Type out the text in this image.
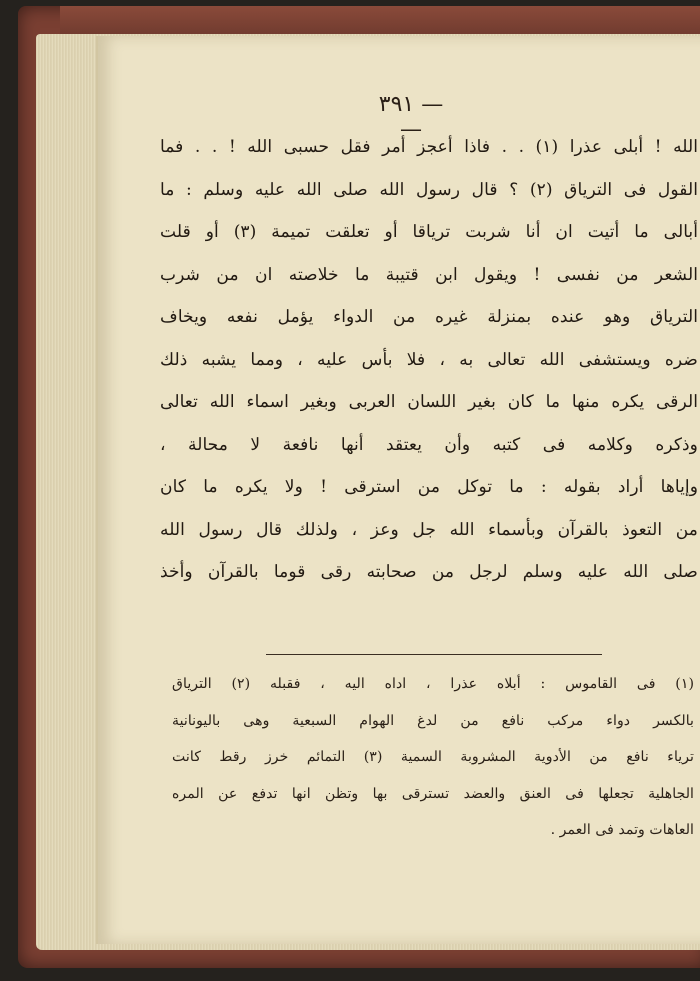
— ٣٩١ —
الله ! أبلى عذرا (١) . . فاذا أعجز أمر فقل حسبى الله ! . . فما
القول فى الترياق (٢) ؟ قال رسول الله صلى الله عليه وسلم : ما
أبالى ما أتيت ان أنا شربت ترياقا أو تعلقت تميمة (٣) أو قلت
الشعر من نفسى ! ويقول ابن قتيبة ما خلاصته ان من شرب
الترياق وهو عنده بمنزلة غيره من الدواء يؤمل نفعه ويخاف
ضره ويستشفى الله تعالى به ، فلا بأس عليه ، ومما يشبه ذلك
الرقى يكره منها ما كان بغير اللسان العربى وبغير اسماء الله تعالى
وذكره وكلامه فى كتبه وأن يعتقد أنها نافعة لا محالة ،
وإياها أراد بقوله : ما توكل من استرقى ! ولا يكره ما كان
من التعوذ بالقرآن وبأسماء الله جل وعز ، ولذلك قال رسول الله
صلى الله عليه وسلم لرجل من صحابته رقى قوما بالقرآن وأخذ
(١) فى القاموس : أبلاه عذرا ، اداه اليه ، فقبله (٢) الترياق
بالكسر دواء مركب نافع من لدغ الهوام السبعية وهى باليونانية
ترياء نافع من الأدوية المشروبة السمية (٣) التمائم خرز رقط كانت
الجاهلية تجعلها فى العنق والعضد تسترقى بها وتظن انها تدفع عن المره
العاهات وتمد فى العمر .
